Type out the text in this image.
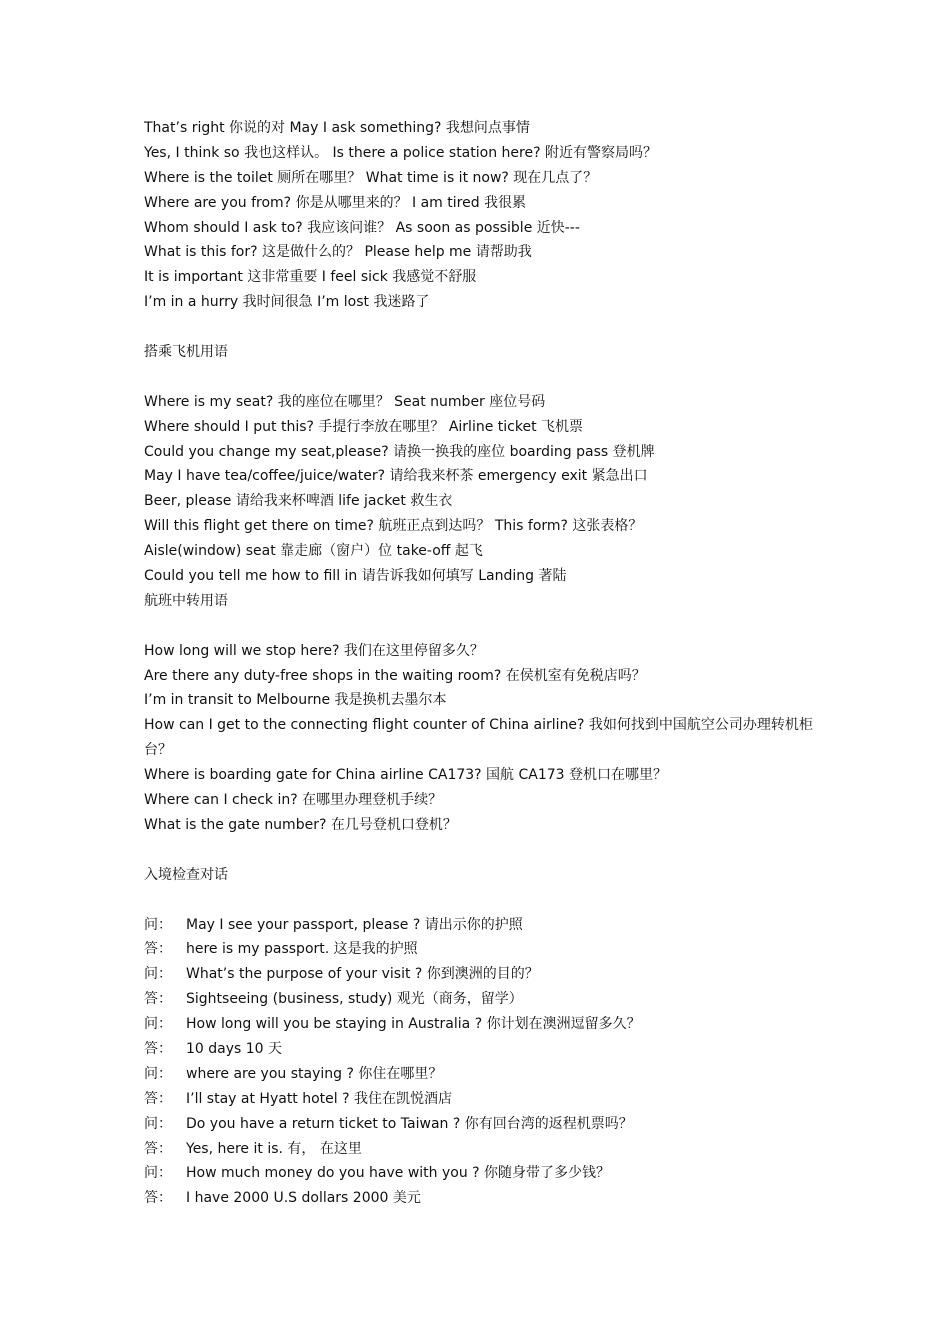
That’s right 你说的对 May I ask something? 我想问点事情
Yes, I think so 我也这样认。 Is there a police station here? 附近有警察局吗？
Where is the toilet 厕所在哪里？ What time is it now? 现在几点了？
Where are you from? 你是从哪里来的？ I am tired 我很累
Whom should I ask to? 我应该问谁？ As soon as possible 近快---
What is this for? 这是做什么的？ Please help me 请帮助我
It is important 这非常重要 I feel sick 我感觉不舒服
I’m in a hurry 我时间很急 I’m lost 我迷路了
搭乘飞机用语
Where is my seat? 我的座位在哪里？ Seat number 座位号码
Where should I put this? 手提行李放在哪里？ Airline ticket 飞机票
Could you change my seat,please? 请换一换我的座位 boarding pass 登机牌
May I have tea/coffee/juice/water? 请给我来杯茶 emergency exit 紧急出口
Beer, please 请给我来杯啤酒 life jacket 救生衣
Will this flight get there on time? 航班正点到达吗？ This form? 这张表格？
Aisle(window) seat 靠走廊（窗户）位 take-off 起飞
Could you tell me how to fill in 请告诉我如何填写 Landing 著陆
航班中转用语
How long will we stop here? 我们在这里停留多久？
Are there any duty-free shops in the waiting room? 在侯机室有免税店吗？
I’m in transit to Melbourne 我是换机去墨尔本
How can I get to the connecting flight counter of China airline? 我如何找到中国航空公司办理转机柜台？
Where is boarding gate for China airline CA173? 国航 CA173 登机口在哪里？
Where can I check in? 在哪里办理登机手续？
What is the gate number? 在几号登机口登机？
入境检查对话
问： May I see your passport, please ? 请出示你的护照
答： here is my passport. 这是我的护照
问： What’s the purpose of your visit ? 你到澳洲的目的？
答： Sightseeing (business, study) 观光（商务，留学）
问： How long will you be staying in Australia ? 你计划在澳洲逗留多久？
答： 10 days 10 天
问： where are you staying ? 你住在哪里？
答： I’ll stay at Hyatt hotel ? 我住在凯悦酒店
问： Do you have a return ticket to Taiwan ? 你有回台湾的返程机票吗？
答： Yes, here it is. 有， 在这里
问： How much money do you have with you ? 你随身带了多少钱？
答： I have 2000 U.S dollars 2000 美元
